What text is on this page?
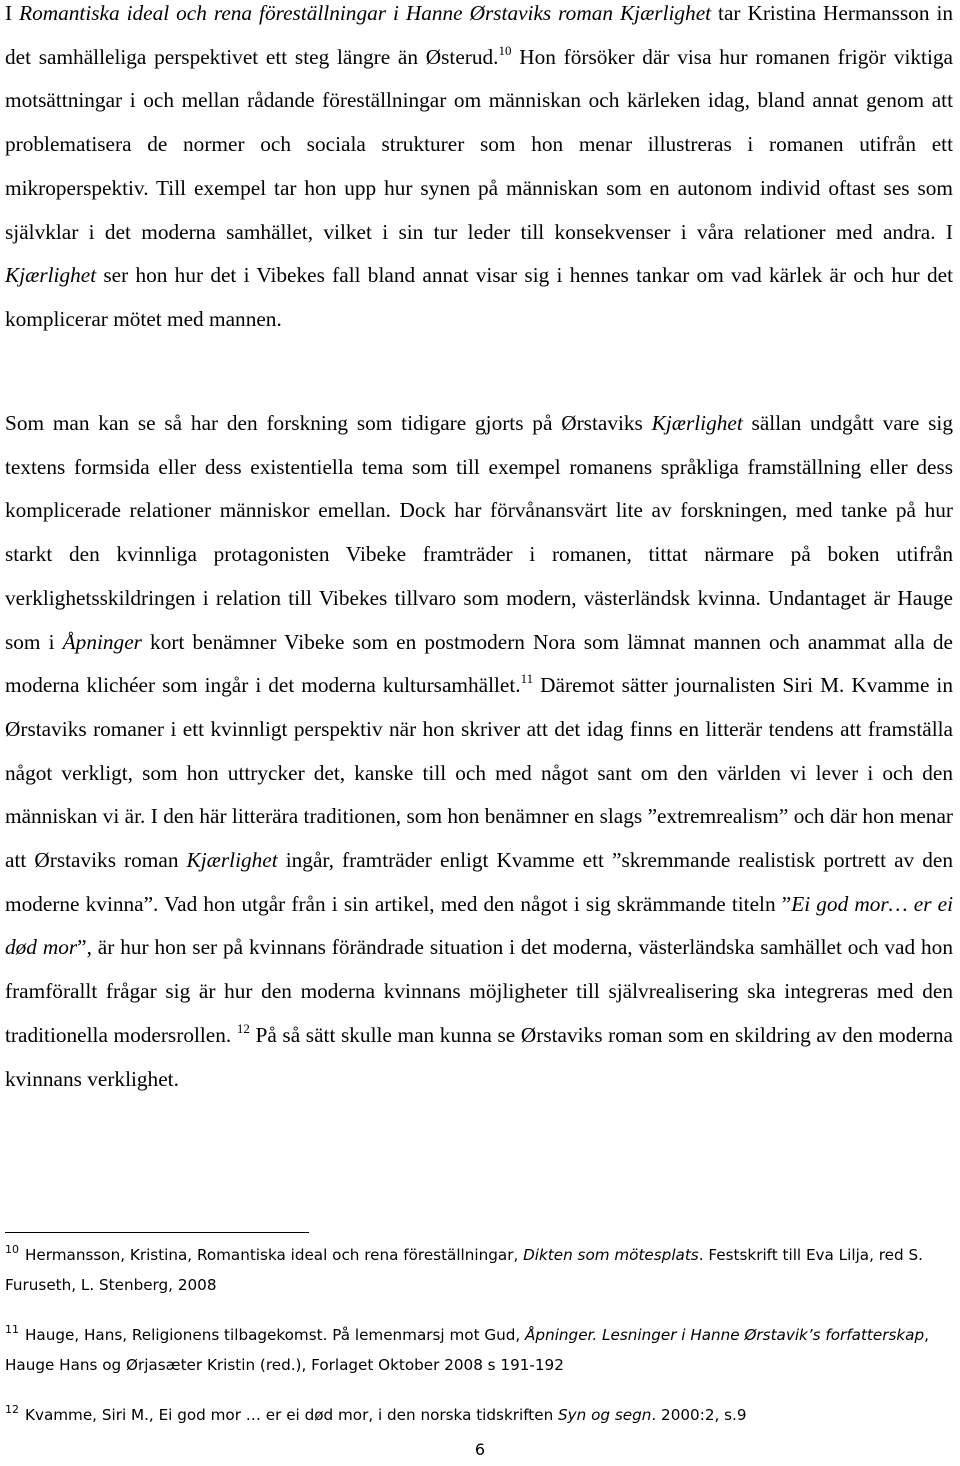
I Romantiska ideal och rena föreställningar i Hanne Ørstaviks roman Kjærlighet tar Kristina Hermansson in det samhälleliga perspektivet ett steg längre än Østerud.$^{10}$ Hon försöker där visa hur romanen frigör viktiga motsättningar i och mellan rådande föreställningar om människan och kärleken idag, bland annat genom att problematisera de normer och sociala strukturer som hon menar illustreras i romanen utifrån ett mikroperspektiv. Till exempel tar hon upp hur synen på människan som en autonom individ oftast ses som självklar i det moderna samhället, vilket i sin tur leder till konsekvenser i våra relationer med andra. I Kjærlighet ser hon hur det i Vibekes fall bland annat visar sig i hennes tankar om vad kärlek är och hur det komplicerar mötet med mannen.

Som man kan se så har den forskning som tidigare gjorts på Ørstaviks Kjærlighet sällan undgått vare sig textens formsida eller dess existentiella tema som till exempel romanens språkliga framställning eller dess komplicerade relationer människor emellan. Dock har förvånansvärt lite av forskningen, med tanke på hur starkt den kvinnliga protagonisten Vibeke framträder i romanen, tittat närmare på boken utifrån verklighetsskildringen i relation till Vibekes tillvaro som modern, västerländsk kvinna. Undantaget är Hauge som i Åpninger kort benämner Vibeke som en postmodern Nora som lämnat mannen och anammat alla de moderna klichéer som ingår i det moderna kultursamhället.$^{11}$ Däremot sätter journalisten Siri M. Kvamme in Ørstaviks romaner i ett kvinnligt perspektiv när hon skriver att det idag finns en litterär tendens att framställa något verkligt, som hon uttrycker det, kanske till och med något sant om den världen vi lever i och den människan vi är. I den här litterära traditionen, som hon benämner en slags ”extremrealism” och där hon menar att Ørstaviks roman Kjærlighet ingår, framträder enligt Kvamme ett ”skremmande realistisk portrett av den moderne kvinna”. Vad hon utgår från i sin artikel, med den något i sig skrämmande titeln ”Ei god mor… er ei død mor”, är hur hon ser på kvinnans förändrade situation i det moderna, västerländska samhället och vad hon framförallt frågar sig är hur den moderna kvinnans möjligheter till självrealisering ska integreras med den traditionella modersrollen. $^{12}$ På så sätt skulle man kunna se Ørstaviks roman som en skildring av den moderna kvinnans verklighet.

$^{10}$ Hermansson, Kristina, Romantiska ideal och rena föreställningar, Dikten som mötesplats. Festskrift till Eva Lilja, red S. Furuseth, L. Stenberg, 2008

$^{11}$ Hauge, Hans, Religionens tilbagekomst. På lemenmarsj mot Gud, Åpninger. Lesninger i Hanne Ørstavik’s forfatterskap, Hauge Hans og Ørjasæter Kristin (red.), Forlaget Oktober 2008 s 191-192

$^{12}$ Kvamme, Siri M., Ei god mor … er ei død mor, i den norska tidskriften Syn og segn. 2000:2, s.9

6
